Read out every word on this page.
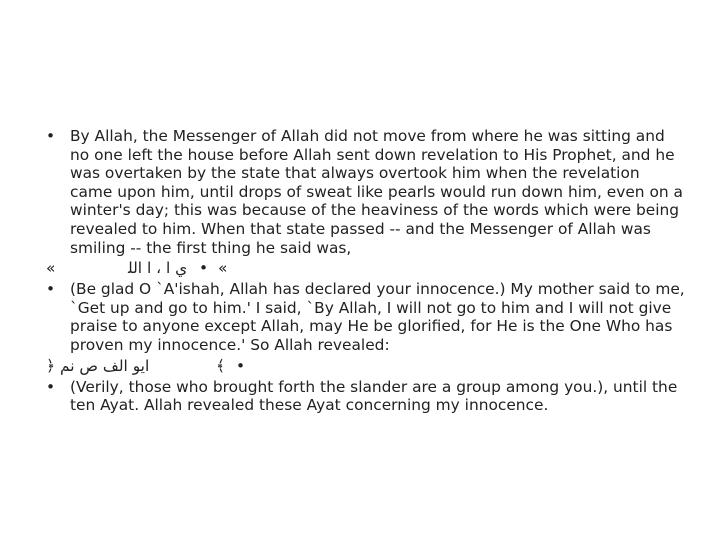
• By Allah, the Messenger of Allah did not move from where he was sitting and no one left the house before Allah sent down revelation to His Prophet, and he was overtaken by the state that always overtook him when the revelation came upon him, until drops of sweat like pearls would run down him, even on a winter's day; this was because of the heaviness of the words which were being revealed to him. When that state passed -- and the Messenger of Allah was smiling -- the first thing he said was,
«	ي ا ، ا اﻟﻠ »
•
• (Be glad O `A'ishah, Allah has declared your innocence.) My mother said to me, `Get up and go to him.' I said, `By Allah, I will not go to him and I will not give praise to anyone except Allah, may He be glorified, for He is the One Who has proven my innocence.' So Allah revealed:
﴿ ﺍﻳﻮ ﺍﻟﻒ ﺹ ﻧﻢ	﴾ •
• (Verily, those who brought forth the slander are a group among you.), until the ten Ayat. Allah revealed these Ayat concerning my innocence.
